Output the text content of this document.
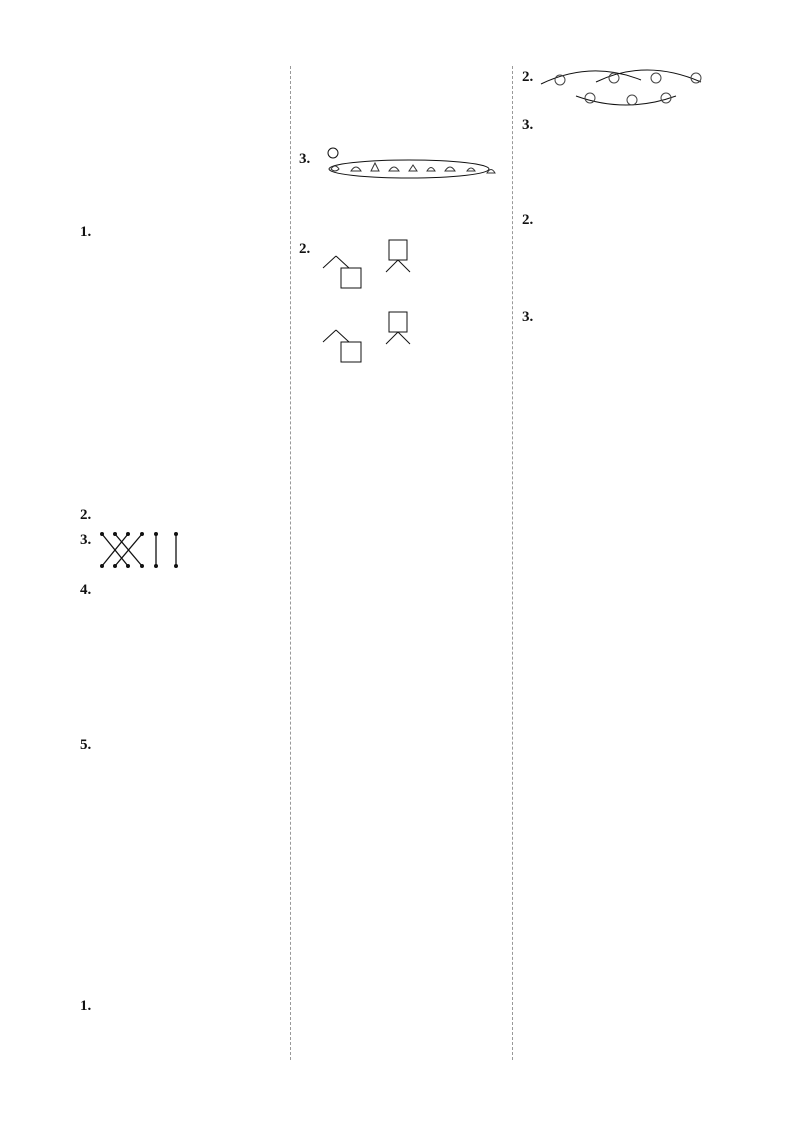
1.
2.
3.
4.
5.
1.
3.
2.
2.
3.
2.
3.
